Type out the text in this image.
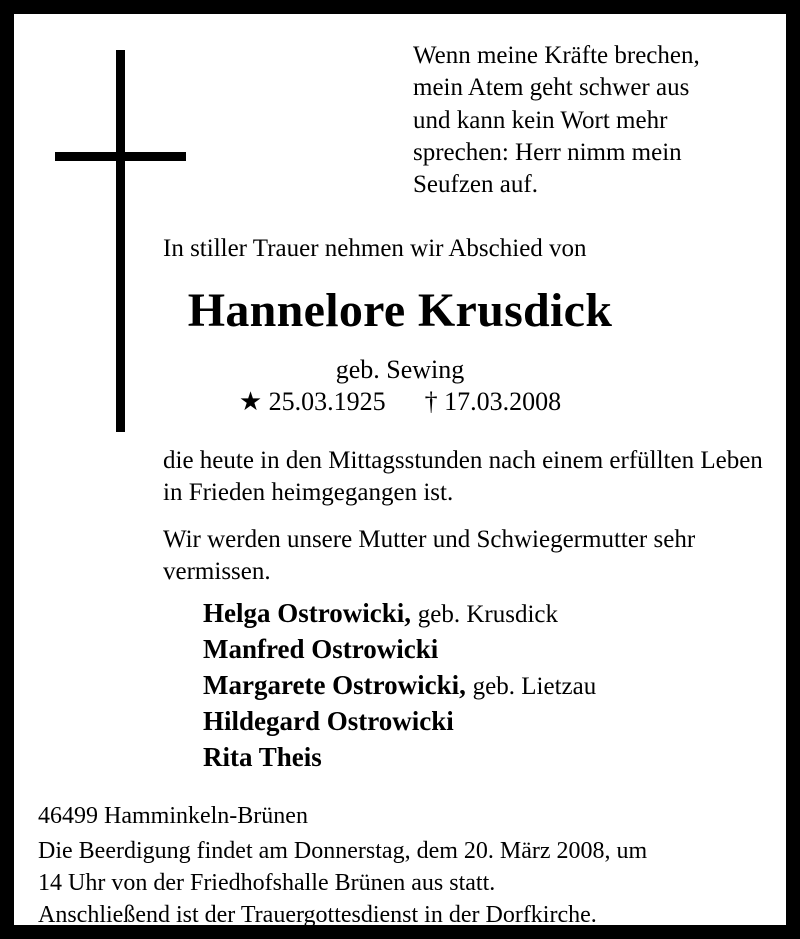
Wenn meine Kräfte brechen,
mein Atem geht schwer aus
und kann kein Wort mehr
sprechen: Herr nimm mein
Seufzen auf.
In stiller Trauer nehmen wir Abschied von
Hannelore Krusdick
geb. Sewing
★ 25.03.1925 † 17.03.2008

die heute in den Mittagsstunden nach einem erfüllten Leben in Frieden heimgegangen ist.

Wir werden unsere Mutter und Schwiegermutter sehr vermissen.

Helga Ostrowicki, geb. Krusdick
Manfred Ostrowicki
Margarete Ostrowicki, geb. Lietzau
Hildegard Ostrowicki
Rita Theis
46499 Hamminkeln-Brünen
Die Beerdigung findet am Donnerstag, dem 20. März 2008, um
14 Uhr von der Friedhofshalle Brünen aus statt.
Anschließend ist der Trauergottesdienst in der Dorfkirche.
